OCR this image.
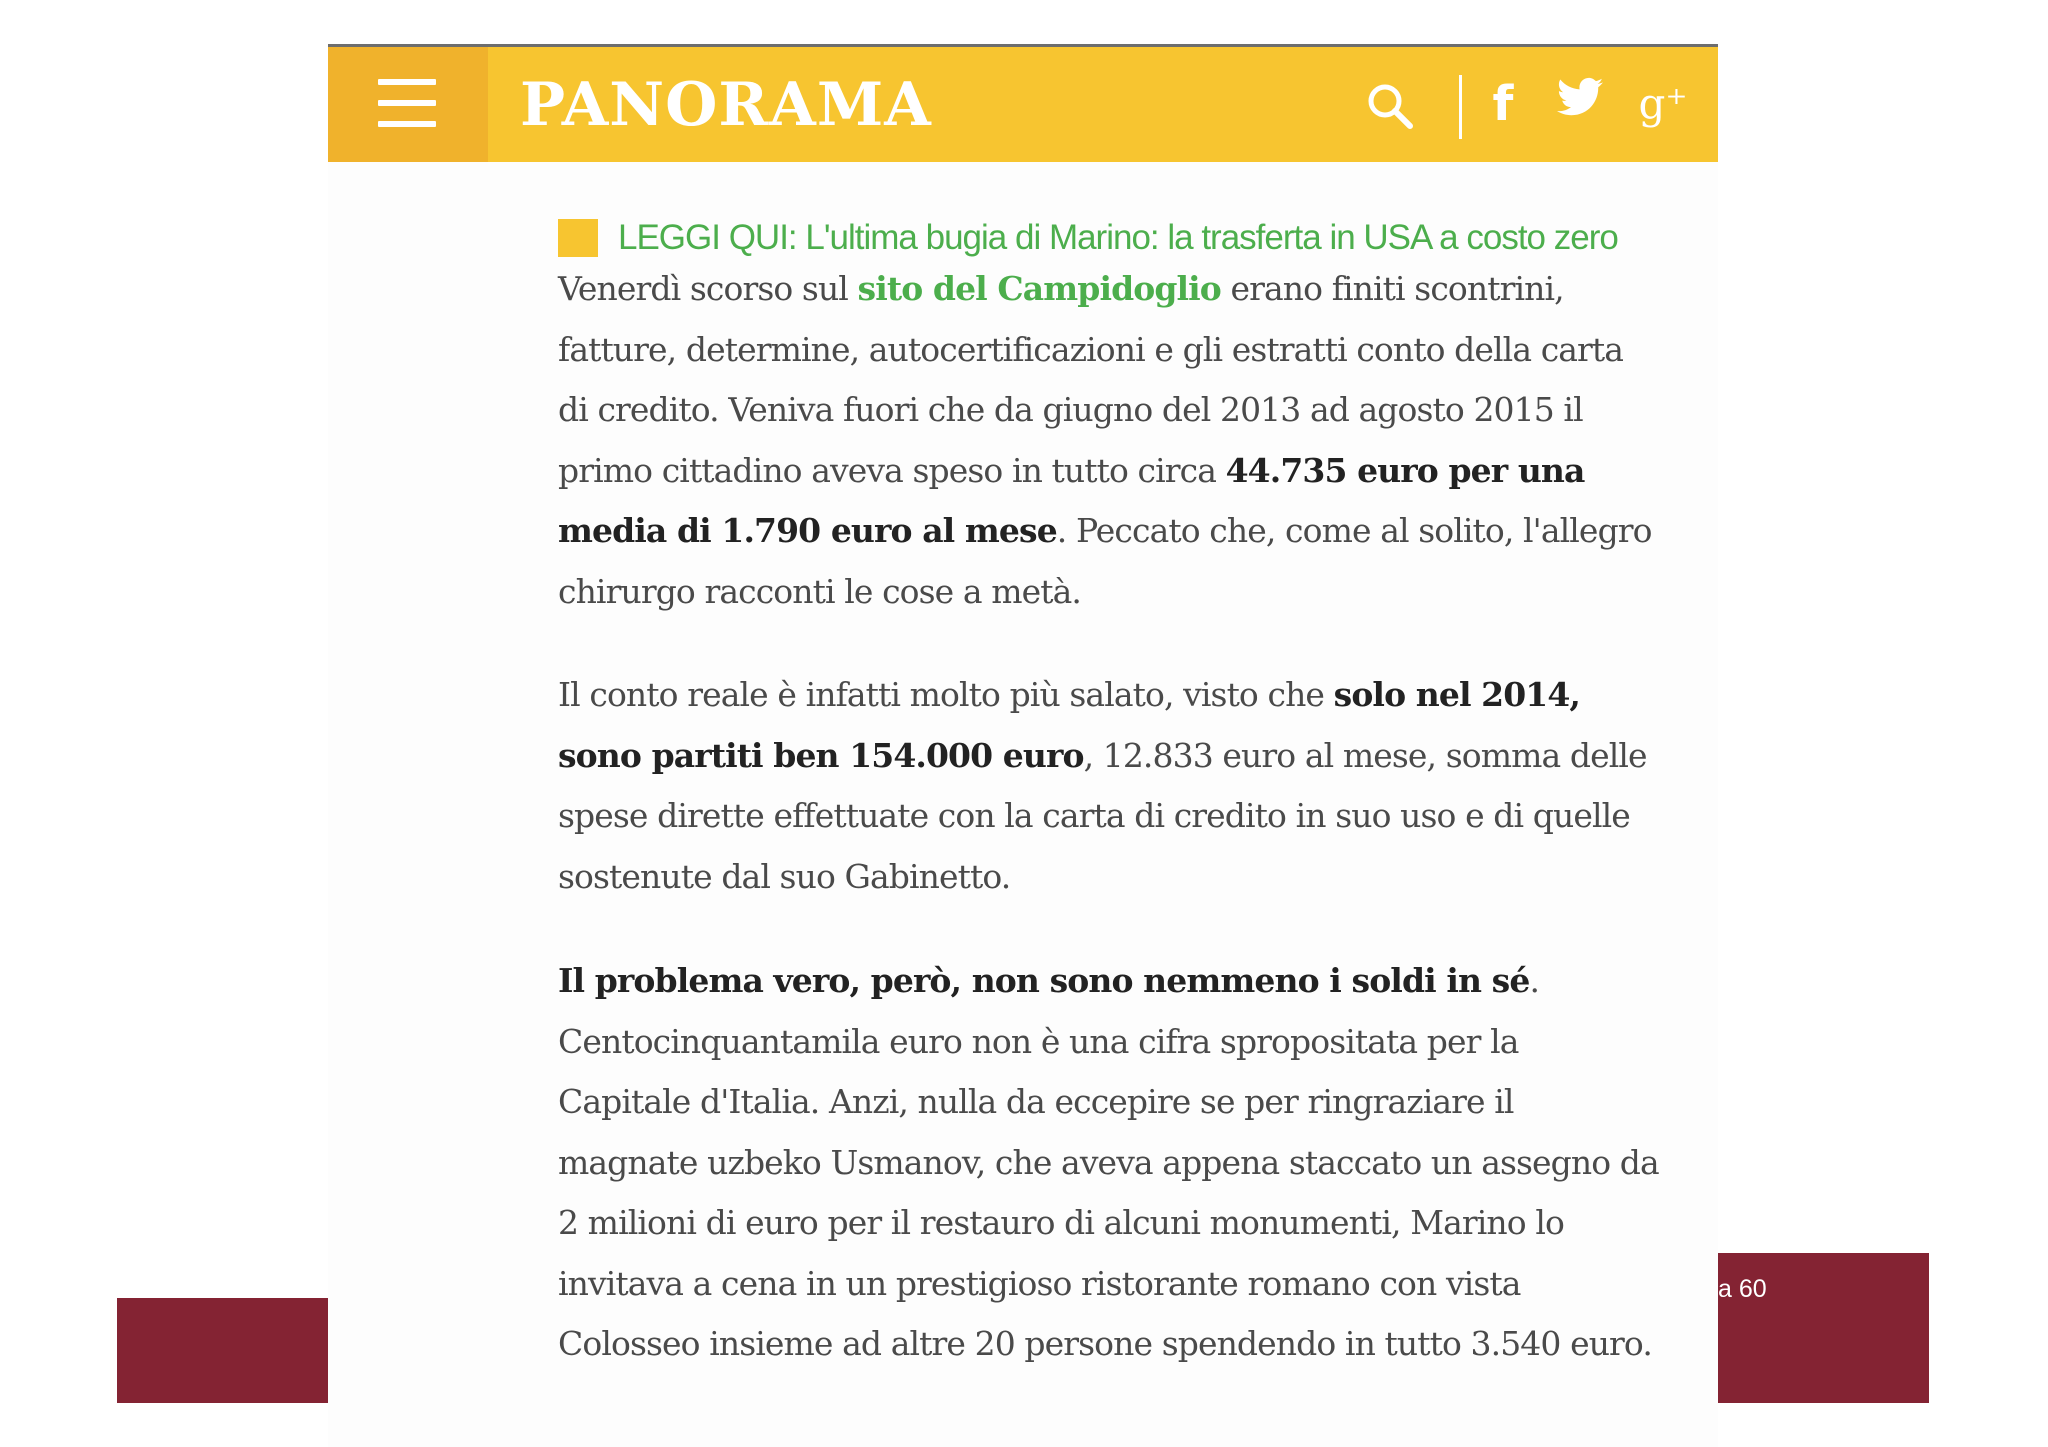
PANORAMA	f	g⁺
LEGGI QUI: L'ultima bugia di Marino: la trasferta in USA a costo zero

Venerdì scorso sul sito del Campidoglio erano finiti scontrini,
fatture, determine, autocertificazioni e gli estratti conto della carta
di credito. Veniva fuori che da giugno del 2013 ad agosto 2015 il
primo cittadino aveva speso in tutto circa 44.735 euro per una
media di 1.790 euro al mese. Peccato che, come al solito, l'allegro
chirurgo racconti le cose a metà.

Il conto reale è infatti molto più salato, visto che solo nel 2014,
sono partiti ben 154.000 euro, 12.833 euro al mese, somma delle
spese dirette effettuate con la carta di credito in suo uso e di quelle
sostenute dal suo Gabinetto.

Il problema vero, però, non sono nemmeno i soldi in sé.
Centocinquantamila euro non è una cifra spropositata per la
Capitale d'Italia. Anzi, nulla da eccepire se per ringraziare il
magnate uzbeko Usmanov, che aveva appena staccato un assegno da
2 milioni di euro per il restauro di alcuni monumenti, Marino lo
invitava a cena in un prestigioso ristorante romano con vista
Colosseo insieme ad altre 20 persone spendendo in tutto 3.540 euro.

a 60
